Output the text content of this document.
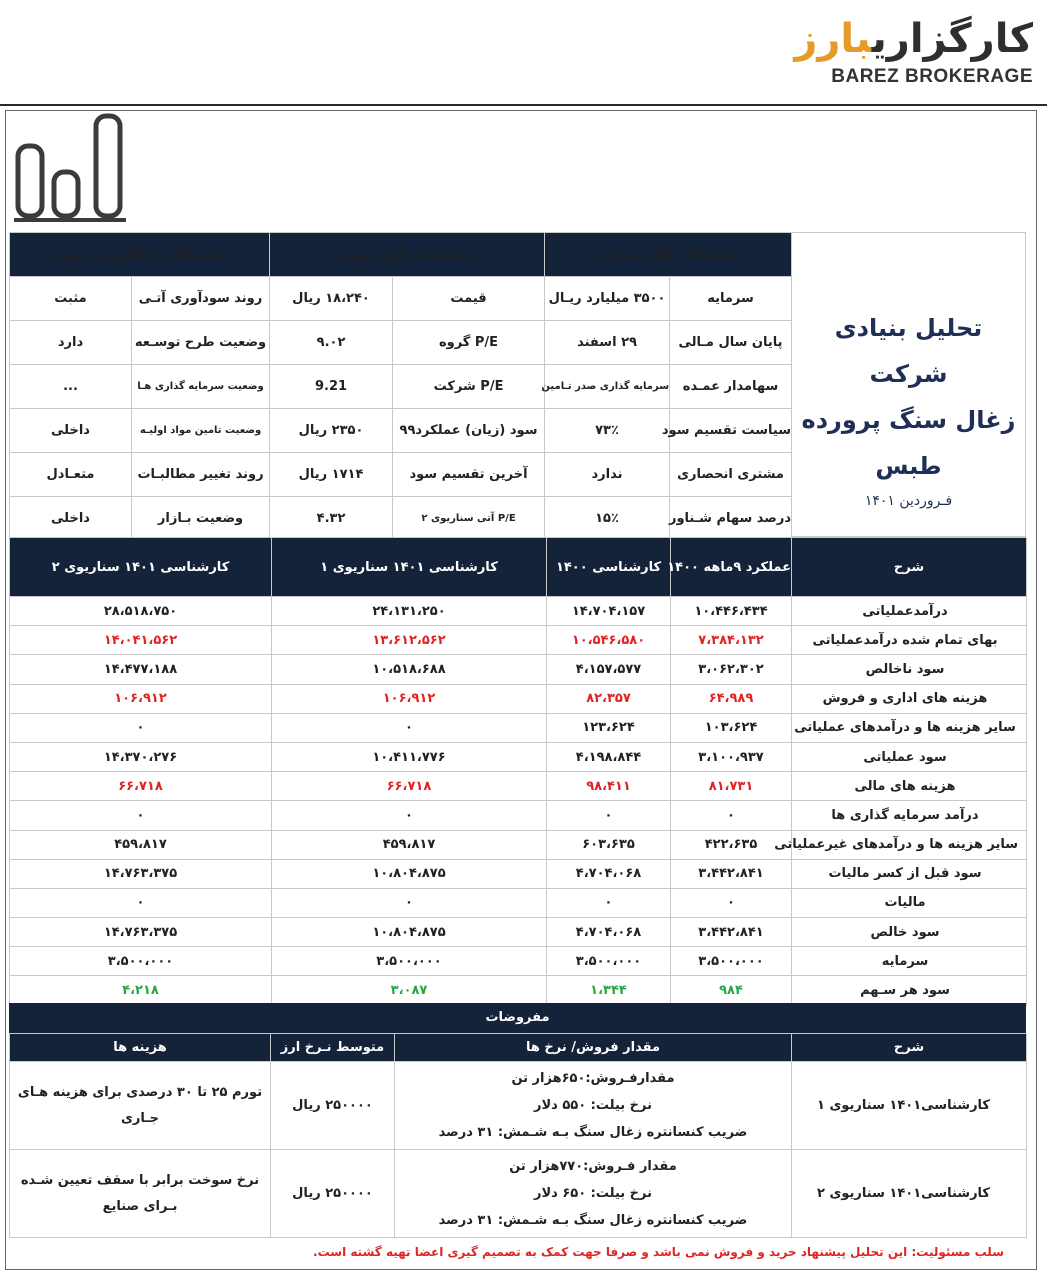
کارگزاریبارز
BAREZ BROKERAGE
تحلیل بنیادی شرکت
زغال سنگ پرورده
طبس
فـروردین ۱۴۰۱
مشخصات کلی شـرکت		مشخصات بازار سـهم		مشخصات عملکـردی سـهم	
سرمایه	۳۵۰۰ میلیارد ریـال	قیمت	۱۸،۲۴۰ ریال	روند سودآوری آتـی	مثبت
پایان سال مـالی	۲۹ اسفند	P/E گروه	۹.۰۲	وضعیت طرح توسـعه	دارد
سهامدار عمـده	سرمایه گذاری صدر تـامین	P/E شرکت	9.21	وضعیت سرمایه گذاری هـا	...
سیاست تقسیم سود	۷۳٪	سود (زیان) عملکرد۹۹	۲۳۵۰ ریال	وضعیت تامین مواد اولیـه	داخلی
مشتری انحصاری	ندارد	آخرین تقسیم سود	۱۷۱۴ ریال	روند تغییر مطالبـات	متعـادل
درصد سهام شـناور	۱۵٪	P/E آتی سناریوی ۲	۴.۳۲	وضعیت بـازار	داخلی
شرح	عملکرد ۹ماهه ۱۴۰۰	کارشناسی ۱۴۰۰	کارشناسی ۱۴۰۱ سناریوی ۱	کارشناسی ۱۴۰۱ سناریوی ۲
درآمدعملیاتی	۱۰،۴۴۶،۴۳۴	۱۴،۷۰۴،۱۵۷	۲۴،۱۳۱،۲۵۰	۲۸،۵۱۸،۷۵۰
بهای تمام شده درآمدعملیاتی	۷،۳۸۴،۱۳۲	۱۰،۵۴۶،۵۸۰	۱۳،۶۱۲،۵۶۲	۱۴،۰۴۱،۵۶۲
سود ناخالص	۳،۰۶۲،۳۰۲	۴،۱۵۷،۵۷۷	۱۰،۵۱۸،۶۸۸	۱۴،۴۷۷،۱۸۸
هزینه های اداری و فروش	۶۴،۹۸۹	۸۲،۳۵۷	۱۰۶،۹۱۲	۱۰۶،۹۱۲
سایر هزینه ها و درآمدهای عملیاتی	۱۰۳،۶۲۴	۱۲۳،۶۲۴	۰	۰
سود عملیاتی	۳،۱۰۰،۹۳۷	۴،۱۹۸،۸۴۴	۱۰،۴۱۱،۷۷۶	۱۴،۳۷۰،۲۷۶
هزینه های مالی	۸۱،۷۳۱	۹۸،۴۱۱	۶۶،۷۱۸	۶۶،۷۱۸
درآمد سرمایه گذاری ها	۰	۰	۰	۰
سایر هزینه ها و درآمدهای غیرعملیاتی	۴۲۲،۶۳۵	۶۰۳،۶۳۵	۴۵۹،۸۱۷	۴۵۹،۸۱۷
سود قبل از کسر مالیات	۳،۴۴۲،۸۴۱	۴،۷۰۴،۰۶۸	۱۰،۸۰۴،۸۷۵	۱۴،۷۶۳،۳۷۵
مالیات	۰	۰	۰	۰
سود خالص	۳،۴۴۲،۸۴۱	۴،۷۰۴،۰۶۸	۱۰،۸۰۴،۸۷۵	۱۴،۷۶۳،۳۷۵
سرمایه	۳،۵۰۰،۰۰۰	۳،۵۰۰،۰۰۰	۳،۵۰۰،۰۰۰	۳،۵۰۰،۰۰۰
سود هر سـهم	۹۸۴	۱،۳۴۴	۳،۰۸۷	۴،۲۱۸
مفروضات
شرح	مقدار فروش/ نرخ ها	متوسط نـرخ ارز	هزینه ها
کارشناسی۱۴۰۱ سناریوی ۱	مقدارفـروش:۶۵۰هزار تن
نرخ بیلت: ۵۵۰ دلار
ضریب کنسانتره زغال سنگ بـه شـمش: ۳۱ درصد	۲۵۰۰۰۰ ریال	تورم ۲۵ تا ۳۰ درصدی برای هزینه هـای جـاری
کارشناسی۱۴۰۱ سناریوی ۲	مقدار فـروش:۷۷۰هزار تن
نرخ بیلت: ۶۵۰ دلار
ضریب کنسانتره زغال سنگ بـه شـمش: ۳۱ درصد	۲۵۰۰۰۰ ریال	نرخ سوخت برابر با سقف تعیین شـده بـرای صنایع
سلب مسئولیت: این تحلیل پیشنهاد خرید و فروش نمی باشد و صرفا جهت کمک به تصمیم گیری اعضا تهیه گشته است.
